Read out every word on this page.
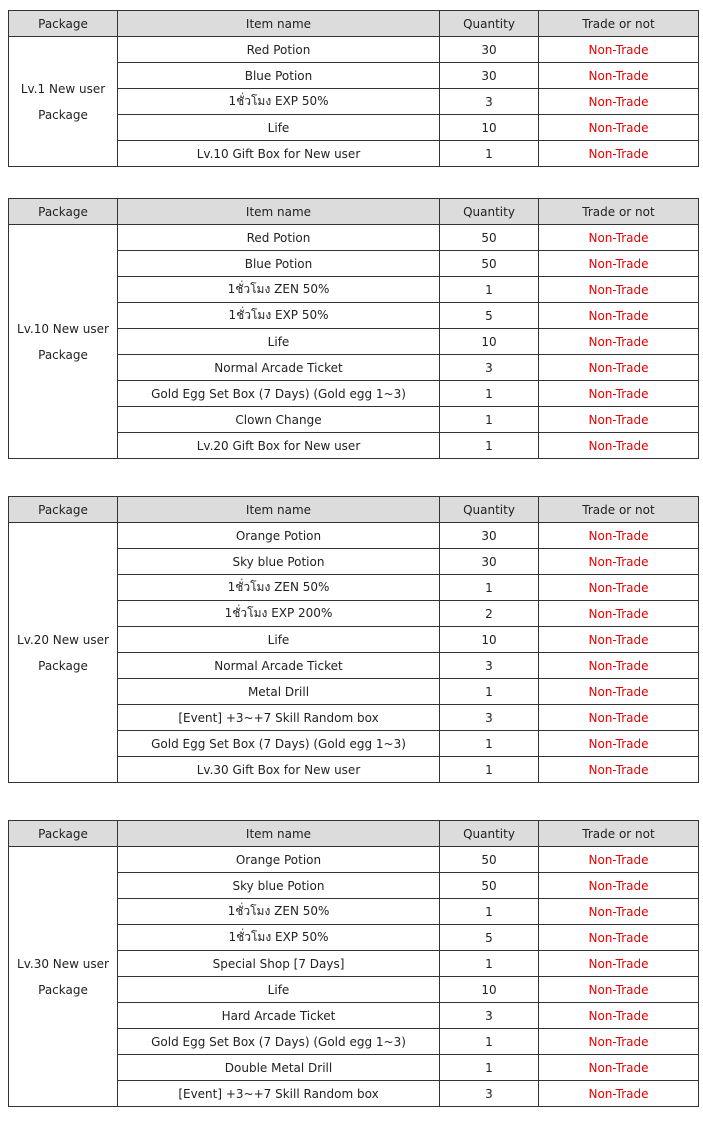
Package	Item name	Quantity	Trade or not

Lv.1 New user
Package	Red Potion	30	Non-Trade
	Blue Potion	30	Non-Trade
	1ชั่วโมง EXP 50%	3	Non-Trade
	Life	10	Non-Trade
	Lv.10 Gift Box for New user	1	Non-Trade
Package	Item name	Quantity	Trade or not

Lv.10 New user
Package	Red Potion	50	Non-Trade
	Blue Potion	50	Non-Trade
	1ชั่วโมง ZEN 50%	1	Non-Trade
	1ชั่วโมง EXP 50%	5	Non-Trade
	Life	10	Non-Trade
	Normal Arcade Ticket	3	Non-Trade
	Gold Egg Set Box (7 Days) (Gold egg 1~3)	1	Non-Trade
	Clown Change	1	Non-Trade
	Lv.20 Gift Box for New user	1	Non-Trade
Package	Item name	Quantity	Trade or not

Lv.20 New user
Package	Orange Potion	30	Non-Trade
	Sky blue Potion	30	Non-Trade
	1ชั่วโมง ZEN 50%	1	Non-Trade
	1ชั่วโมง EXP 200%	2	Non-Trade
	Life	10	Non-Trade
	Normal Arcade Ticket	3	Non-Trade
	Metal Drill	1	Non-Trade
	[Event] +3~+7 Skill Random box	3	Non-Trade
	Gold Egg Set Box (7 Days) (Gold egg 1~3)	1	Non-Trade
	Lv.30 Gift Box for New user	1	Non-Trade
Package	Item name	Quantity	Trade or not

Lv.30 New user
Package	Orange Potion	50	Non-Trade
	Sky blue Potion	50	Non-Trade
	1ชั่วโมง ZEN 50%	1	Non-Trade
	1ชั่วโมง EXP 50%	5	Non-Trade
	Special Shop [7 Days]	1	Non-Trade
	Life	10	Non-Trade
	Hard Arcade Ticket	3	Non-Trade
	Gold Egg Set Box (7 Days) (Gold egg 1~3)	1	Non-Trade
	Double Metal Drill	1	Non-Trade
	[Event] +3~+7 Skill Random box	3	Non-Trade
